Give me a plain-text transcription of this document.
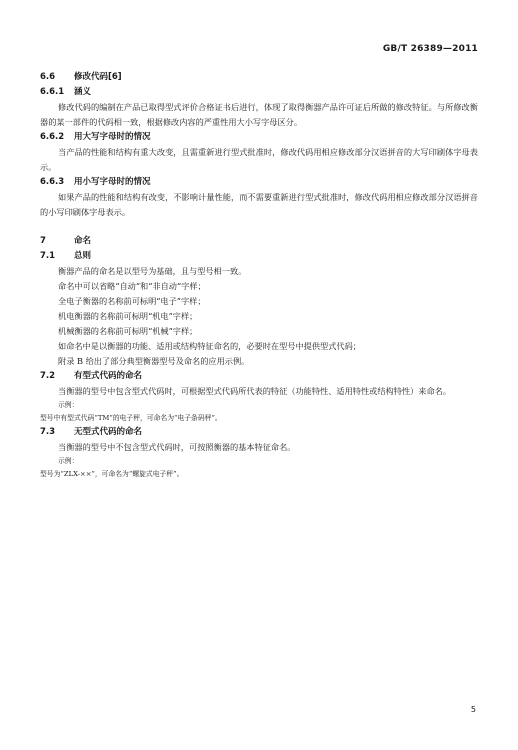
GB/T 26389—2011
6.6 修改代码[6]
6.6.1 涵义
修改代码的编制在产品已取得型式评价合格证书后进行，体现了取得衡器产品许可证后所做的修改特征。与所修改衡器的某一部件的代码相一致，根据修改内容的严重性用大小写字母区分。
6.6.2 用大写字母时的情况
当产品的性能和结构有重大改变，且需重新进行型式批准时，修改代码用相应修改部分汉语拼音的大写印刷体字母表示。
6.6.3 用小写字母时的情况
如果产品的性能和结构有改变，不影响计量性能，而不需要重新进行型式批准时，修改代码用相应修改部分汉语拼音的小写印刷体字母表示。
7	命名
7.1 总则
衡器产品的命名是以型号为基础，且与型号相一致。
命名中可以省略“自动”和“非自动”字样；
全电子衡器的名称前可标明“电子”字样；
机电衡器的名称前可标明“机电”字样；
机械衡器的名称前可标明“机械”字样；
如命名中是以衡器的功能、适用或结构特征命名的，必要时在型号中提供型式代码；
附录 B 给出了部分典型衡器型号及命名的应用示例。
7.2 有型式代码的命名
当衡器的型号中包含型式代码时，可根据型式代码所代表的特征（功能特性、适用特性或结构特性）来命名。
示例：
型号中有型式代码“TM”的电子秤，可命名为“电子条码秤”。
7.3 无型式代码的命名
当衡器的型号中不包含型式代码时，可按照衡器的基本特征命名。
示例：
型号为“ZLX-××”，可命名为“螺旋式电子秤”。
5
